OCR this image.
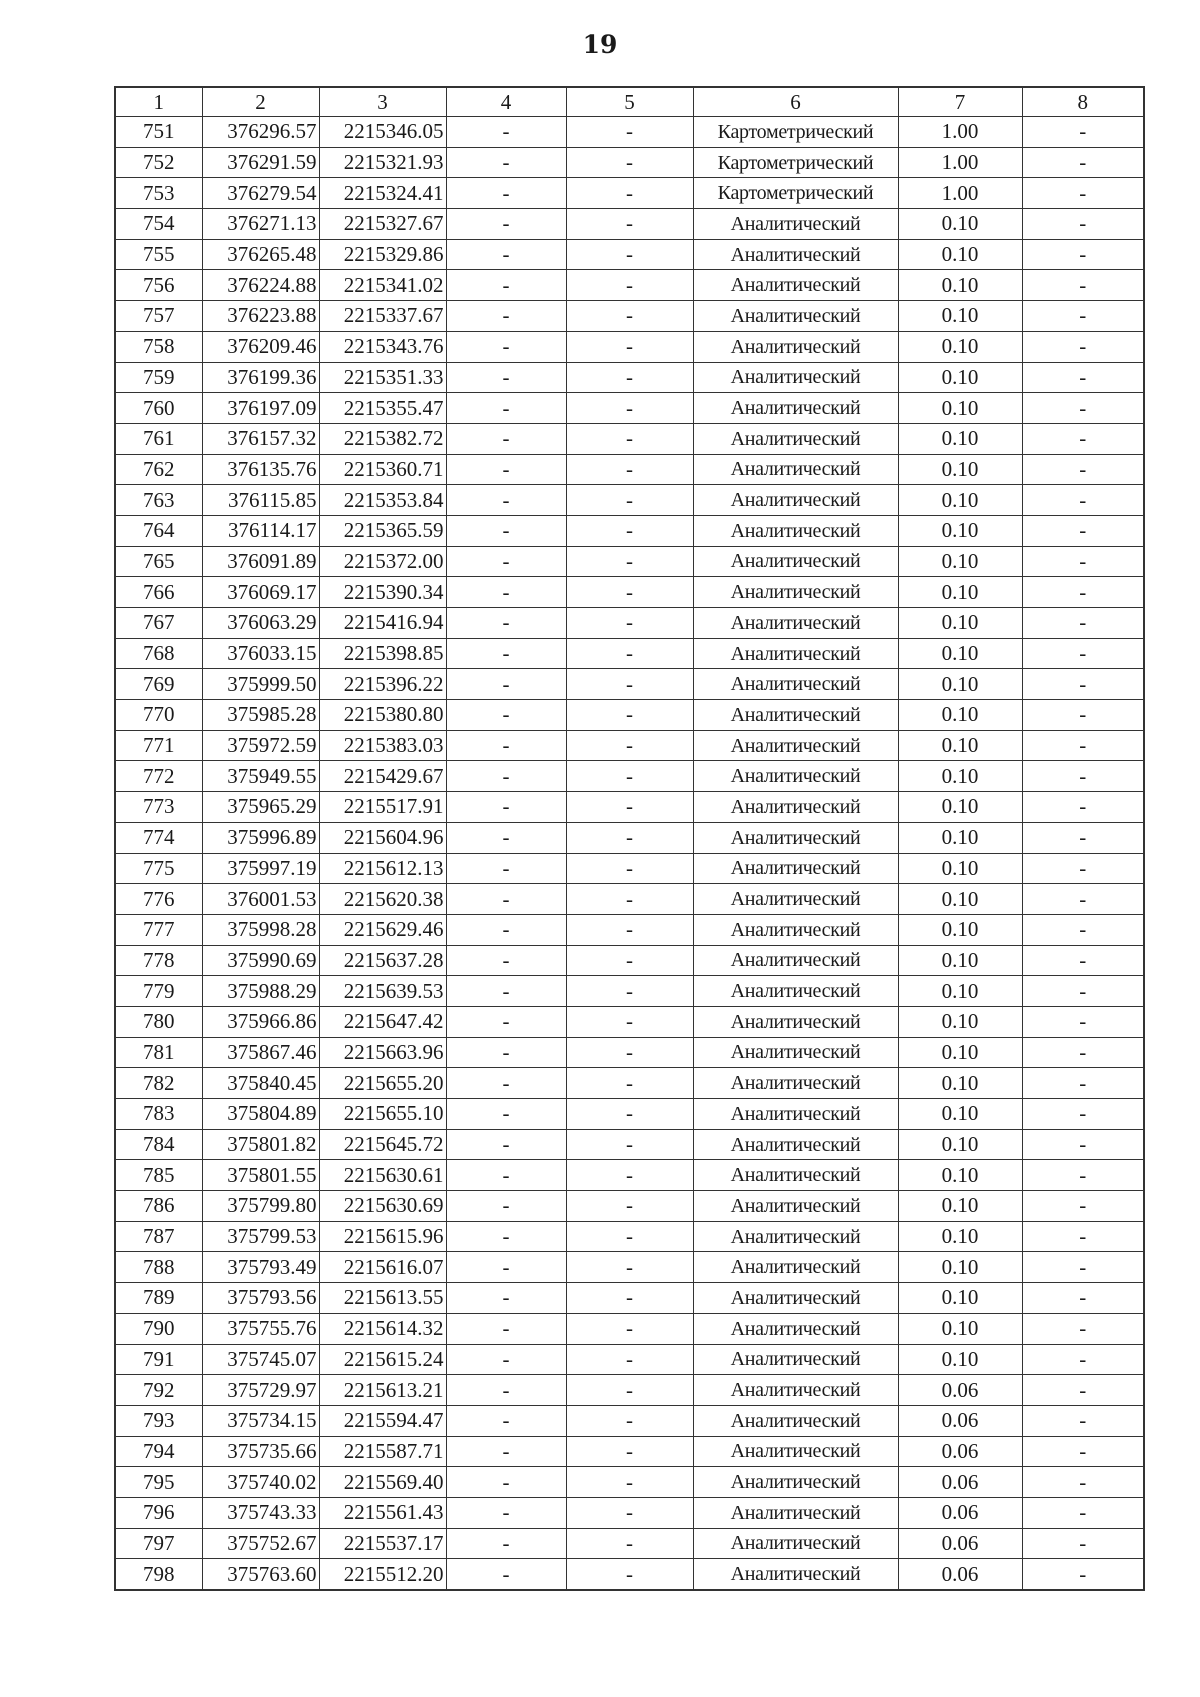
19
1	2	3	4	5	6	7	8
751	376296.57	2215346.05	-	-	Картометрический	1.00	-
752	376291.59	2215321.93	-	-	Картометрический	1.00	-
753	376279.54	2215324.41	-	-	Картометрический	1.00	-
754	376271.13	2215327.67	-	-	Аналитический	0.10	-
755	376265.48	2215329.86	-	-	Аналитический	0.10	-
756	376224.88	2215341.02	-	-	Аналитический	0.10	-
757	376223.88	2215337.67	-	-	Аналитический	0.10	-
758	376209.46	2215343.76	-	-	Аналитический	0.10	-
759	376199.36	2215351.33	-	-	Аналитический	0.10	-
760	376197.09	2215355.47	-	-	Аналитический	0.10	-
761	376157.32	2215382.72	-	-	Аналитический	0.10	-
762	376135.76	2215360.71	-	-	Аналитический	0.10	-
763	376115.85	2215353.84	-	-	Аналитический	0.10	-
764	376114.17	2215365.59	-	-	Аналитический	0.10	-
765	376091.89	2215372.00	-	-	Аналитический	0.10	-
766	376069.17	2215390.34	-	-	Аналитический	0.10	-
767	376063.29	2215416.94	-	-	Аналитический	0.10	-
768	376033.15	2215398.85	-	-	Аналитический	0.10	-
769	375999.50	2215396.22	-	-	Аналитический	0.10	-
770	375985.28	2215380.80	-	-	Аналитический	0.10	-
771	375972.59	2215383.03	-	-	Аналитический	0.10	-
772	375949.55	2215429.67	-	-	Аналитический	0.10	-
773	375965.29	2215517.91	-	-	Аналитический	0.10	-
774	375996.89	2215604.96	-	-	Аналитический	0.10	-
775	375997.19	2215612.13	-	-	Аналитический	0.10	-
776	376001.53	2215620.38	-	-	Аналитический	0.10	-
777	375998.28	2215629.46	-	-	Аналитический	0.10	-
778	375990.69	2215637.28	-	-	Аналитический	0.10	-
779	375988.29	2215639.53	-	-	Аналитический	0.10	-
780	375966.86	2215647.42	-	-	Аналитический	0.10	-
781	375867.46	2215663.96	-	-	Аналитический	0.10	-
782	375840.45	2215655.20	-	-	Аналитический	0.10	-
783	375804.89	2215655.10	-	-	Аналитический	0.10	-
784	375801.82	2215645.72	-	-	Аналитический	0.10	-
785	375801.55	2215630.61	-	-	Аналитический	0.10	-
786	375799.80	2215630.69	-	-	Аналитический	0.10	-
787	375799.53	2215615.96	-	-	Аналитический	0.10	-
788	375793.49	2215616.07	-	-	Аналитический	0.10	-
789	375793.56	2215613.55	-	-	Аналитический	0.10	-
790	375755.76	2215614.32	-	-	Аналитический	0.10	-
791	375745.07	2215615.24	-	-	Аналитический	0.10	-
792	375729.97	2215613.21	-	-	Аналитический	0.06	-
793	375734.15	2215594.47	-	-	Аналитический	0.06	-
794	375735.66	2215587.71	-	-	Аналитический	0.06	-
795	375740.02	2215569.40	-	-	Аналитический	0.06	-
796	375743.33	2215561.43	-	-	Аналитический	0.06	-
797	375752.67	2215537.17	-	-	Аналитический	0.06	-
798	375763.60	2215512.20	-	-	Аналитический	0.06	-
